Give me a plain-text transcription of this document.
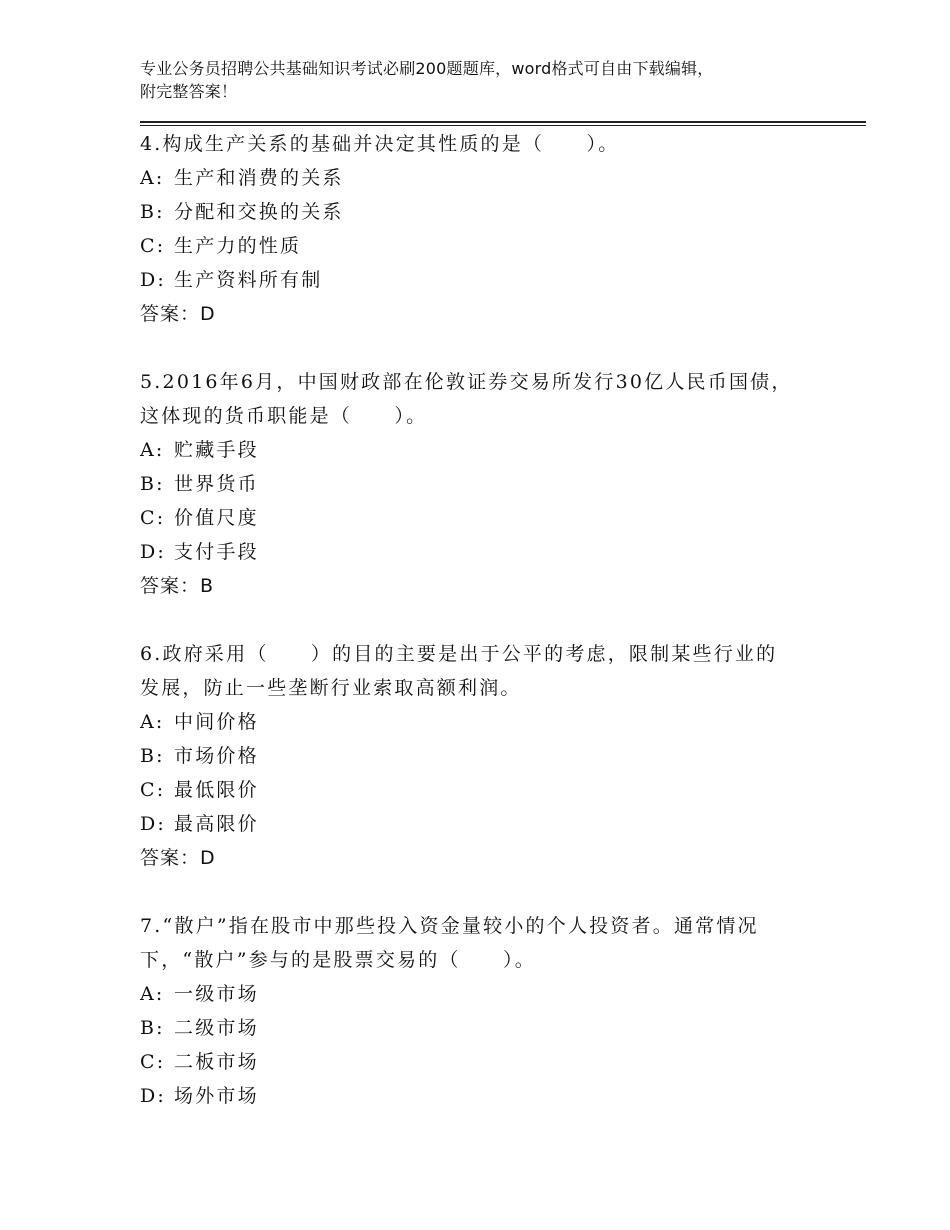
专业公务员招聘公共基础知识考试必刷200题题库，word格式可自由下载编辑，
附完整答案！

4.构成生产关系的基础并决定其性质的是（　　）。

A: 生产和消费的关系

B: 分配和交换的关系

C: 生产力的性质

D: 生产资料所有制

答案：D

5.2016年6月，中国财政部在伦敦证券交易所发行30亿人民币国债，

这体现的货币职能是（　　）。

A: 贮藏手段

B: 世界货币

C: 价值尺度

D: 支付手段

答案：B

6.政府采用（　　）的目的主要是出于公平的考虑，限制某些行业的

发展，防止一些垄断行业索取高额利润。

A: 中间价格

B: 市场价格

C: 最低限价

D: 最高限价

答案：D

7.“散户”指在股市中那些投入资金量较小的个人投资者。通常情况

下，“散户”参与的是股票交易的（　　）。

A: 一级市场

B: 二级市场

C: 二板市场

D: 场外市场
